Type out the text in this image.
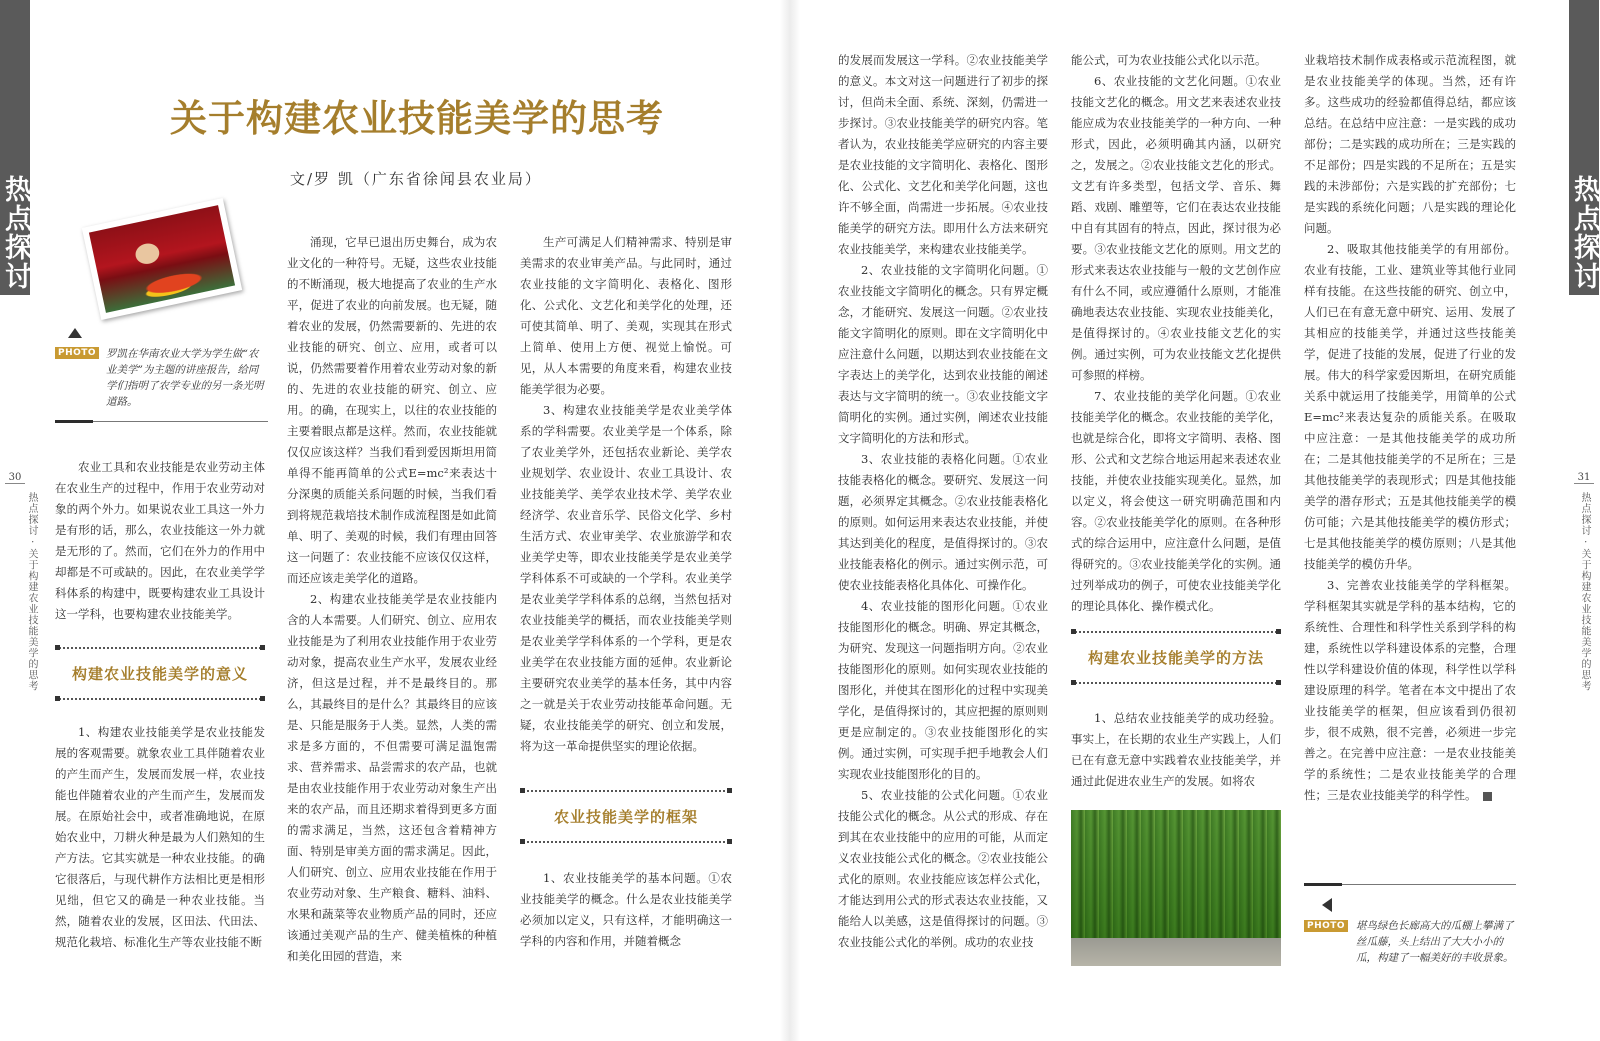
热点探讨	热点探讨
30
热点探讨 · 关于构建农业技能美学的思考
31
热点探讨 · 关于构建农业技能美学的思考
关于构建农业技能美学的思考
文/罗 凯（广东省徐闻县农业局）
PHOTO 罗凯在华南农业大学为学生做“农业美学”为主题的讲座报告，给同学们指明了农学专业的另一条光明道路。

农业工具和农业技能是农业劳动主体在农业生产的过程中，作用于农业劳动对象的两个外力。如果说农业工具这一外力是有形的话，那么，农业技能这一外力就是无形的了。然而，它们在外力的作用中却都是不可或缺的。因此，在农业美学学科体系的构建中，既要构建农业工具设计这一学科，也要构建农业技能美学。

构建农业技能美学的意义

1、构建农业技能美学是农业技能发展的客观需要。就象农业工具伴随着农业的产生而产生，发展而发展一样，农业技能也伴随着农业的产生而产生，发展而发展。在原始社会中，或者准确地说，在原始农业中，刀耕火种是最为人们熟知的生产方法。它其实就是一种农业技能。的确它很落后，与现代耕作方法相比更是相形见绌，但它又的确是一种农业技能。当然，随着农业的发展，区田法、代田法、规范化栽培、标准化生产等农业技能不断

涌现，它早已退出历史舞台，成为农业文化的一种符号。无疑，这些农业技能的不断涌现，极大地提高了农业的生产水平，促进了农业的向前发展。也无疑，随着农业的发展，仍然需要新的、先进的农业技能的研究、创立、应用，或者可以说，仍然需要着作用着农业劳动对象的新的、先进的农业技能的研究、创立、应用。的确，在现实上，以往的农业技能的主要着眼点都是这样。然而，农业技能就仅仅应该这样？当我们看到爱因斯坦用简单得不能再简单的公式E=mc²来表达十分深奥的质能关系问题的时候，当我们看到将规范栽培技术制作成流程图是如此简单、明了、美观的时候，我们有理由回答这一问题了：农业技能不应该仅仅这样，而还应该走美学化的道路。

2、构建农业技能美学是农业技能内含的人本需要。人们研究、创立、应用农业技能是为了利用农业技能作用于农业劳动对象，提高农业生产水平，发展农业经济，但这是过程，并不是最终目的。那么，其最终目的是什么？其最终目的应该是、只能是服务于人类。显然，人类的需求是多方面的，不但需要可满足温饱需求、营养需求、品尝需求的农产品，也就是由农业技能作用于农业劳动对象生产出来的农产品，而且还期求着得到更多方面的需求满足，当然，这还包含着精神方面、特别是审美方面的需求满足。因此，人们研究、创立、应用农业技能在作用于农业劳动对象、生产粮食、糖料、油料、水果和蔬菜等农业物质产品的同时，还应该通过美观产品的生产、健美植株的种植和美化田园的营造，来

生产可满足人们精神需求、特别是审美需求的农业审美产品。与此同时，通过农业技能的文字简明化、表格化、图形化、公式化、文艺化和美学化的处理，还可使其简单、明了、美观，实现其在形式上简单、使用上方便、视觉上愉悦。可见，从人本需要的角度来看，构建农业技能美学很为必要。

3、构建农业技能美学是农业美学体系的学科需要。农业美学是一个体系，除了农业美学外，还包括农业新论、美学农业规划学、农业设计、农业工具设计、农业技能美学、美学农业技术学、美学农业经济学、农业音乐学、民俗文化学、乡村生活方式、农业审美学、农业旅游学和农业美学史等，即农业技能美学是农业美学学科体系不可或缺的一个学科。农业美学是农业美学学科体系的总纲，当然包括对农业技能美学的概括，而农业技能美学则是农业美学学科体系的一个学科，更是农业美学在农业技能方面的延伸。农业新论主要研究农业美学的基本任务，其中内容之一就是关于农业劳动技能革命问题。无疑，农业技能美学的研究、创立和发展，将为这一革命提供坚实的理论依据。

农业技能美学的框架

1、农业技能美学的基本问题。①农业技能美学的概念。什么是农业技能美学必须加以定义，只有这样，才能明确这一学科的内容和作用，并随着概念

的发展而发展这一学科。②农业技能美学的意义。本文对这一问题进行了初步的探讨，但尚未全面、系统、深刻，仍需进一步探讨。③农业技能美学的研究内容。笔者认为，农业技能美学应研究的内容主要是农业技能的文字简明化、表格化、图形化、公式化、文艺化和美学化问题，这也许不够全面，尚需进一步拓展。④农业技能美学的研究方法。即用什么方法来研究农业技能美学，来构建农业技能美学。

2、农业技能的文字简明化问题。①农业技能文字简明化的概念。只有界定概念，才能研究、发展这一问题。②农业技能文字简明化的原则。即在文字简明化中应注意什么问题，以期达到农业技能在文字表达上的美学化，达到农业技能的阐述表达与文字简明的统一。③农业技能文字简明化的实例。通过实例，阐述农业技能文字简明化的方法和形式。

3、农业技能的表格化问题。①农业技能表格化的概念。要研究、发展这一问题，必须界定其概念。②农业技能表格化的原则。如何运用来表达农业技能，并使其达到美化的程度，是值得探讨的。③农业技能表格化的例示。通过实例示范，可使农业技能表格化具体化、可操作化。

4、农业技能的图形化问题。①农业技能图形化的概念。明确、界定其概念，为研究、发现这一问题指明方向。②农业技能图形化的原则。如何实现农业技能的图形化，并使其在图形化的过程中实现美学化，是值得探讨的，其应把握的原则则更是应制定的。③农业技能图形化的实例。通过实例，可实现手把手地教会人们实现农业技能图形化的目的。

5、农业技能的公式化问题。①农业技能公式化的概念。从公式的形成、存在到其在农业技能中的应用的可能，从而定义农业技能公式化的概念。②农业技能公式化的原则。农业技能应该怎样公式化，才能达到用公式的形式表达农业技能，又能给人以美感，这是值得探讨的问题。③农业技能公式化的举例。成功的农业技

能公式，可为农业技能公式化以示范。

6、农业技能的文艺化问题。①农业技能文艺化的概念。用文艺来表述农业技能应成为农业技能美学的一种方向、一种形式，因此，必须明确其内涵，以研究之，发展之。②农业技能文艺化的形式。文艺有许多类型，包括文学、音乐、舞蹈、戏剧、雕塑等，它们在表达农业技能中自有其固有的特点，因此，探讨很为必要。③农业技能文艺化的原则。用文艺的形式来表达农业技能与一般的文艺创作应有什么不同，或应遵循什么原则，才能准确地表达农业技能、实现农业技能美化，是值得探讨的。④农业技能文艺化的实例。通过实例，可为农业技能文艺化提供可参照的样榜。

7、农业技能的美学化问题。①农业技能美学化的概念。农业技能的美学化，也就是综合化，即将文字简明、表格、图形、公式和文艺综合地运用起来表述农业技能，并使农业技能实现美化。显然，加以定义，将会使这一研究明确范围和内容。②农业技能美学化的原则。在各种形式的综合运用中，应注意什么问题，是值得研究的。③农业技能美学化的实例。通过列举成功的例子，可使农业技能美学化的理论具体化、操作模式化。

构建农业技能美学的方法

1、总结农业技能美学的成功经验。事实上，在长期的农业生产实践上，人们已在有意无意中实践着农业技能美学，并通过此促进农业生产的发展。如将农

业栽培技术制作成表格或示范流程图，就是农业技能美学的体现。当然，还有许多。这些成功的经验都值得总结，都应该总结。在总结中应注意：一是实践的成功部份；二是实践的成功所在；三是实践的不足部份；四是实践的不足所在；五是实践的未涉部份；六是实践的扩充部份；七是实践的系统化问题；八是实践的理论化问题。

2、吸取其他技能美学的有用部份。农业有技能，工业、建筑业等其他行业同样有技能。在这些技能的研究、创立中，人们已在有意无意中研究、运用、发展了其相应的技能美学，并通过这些技能美学，促进了技能的发展，促进了行业的发展。伟大的科学家爱因斯坦，在研究质能关系中就运用了技能美学，用简单的公式E=mc²来表达复杂的质能关系。在吸取中应注意：一是其他技能美学的成功所在；二是其他技能美学的不足所在；三是其他技能美学的表现形式；四是其他技能美学的潜存形式；五是其他技能美学的模仿可能；六是其他技能美学的模仿形式；七是其他技能美学的模仿原则；八是其他技能美学的模仿升华。

3、完善农业技能美学的学科框架。学科框架其实就是学科的基本结构，它的系统性、合理性和科学性关系到学科的构建，系统性以学科建设体系的完整，合理性以学科建设价值的体现，科学性以学科建设原理的科学。笔者在本文中提出了农业技能美学的框架，但应该看到仍很初步，很不成熟，很不完善，必须进一步完善之。在完善中应注意：一是农业技能美学的系统性；二是农业技能美学的合理性；三是农业技能美学的科学性。

PHOTO 堪鸟绿色长廊高大的瓜棚上攀满了丝瓜藤，头上结出了大大小小的瓜，构建了一幅美好的丰收景象。
